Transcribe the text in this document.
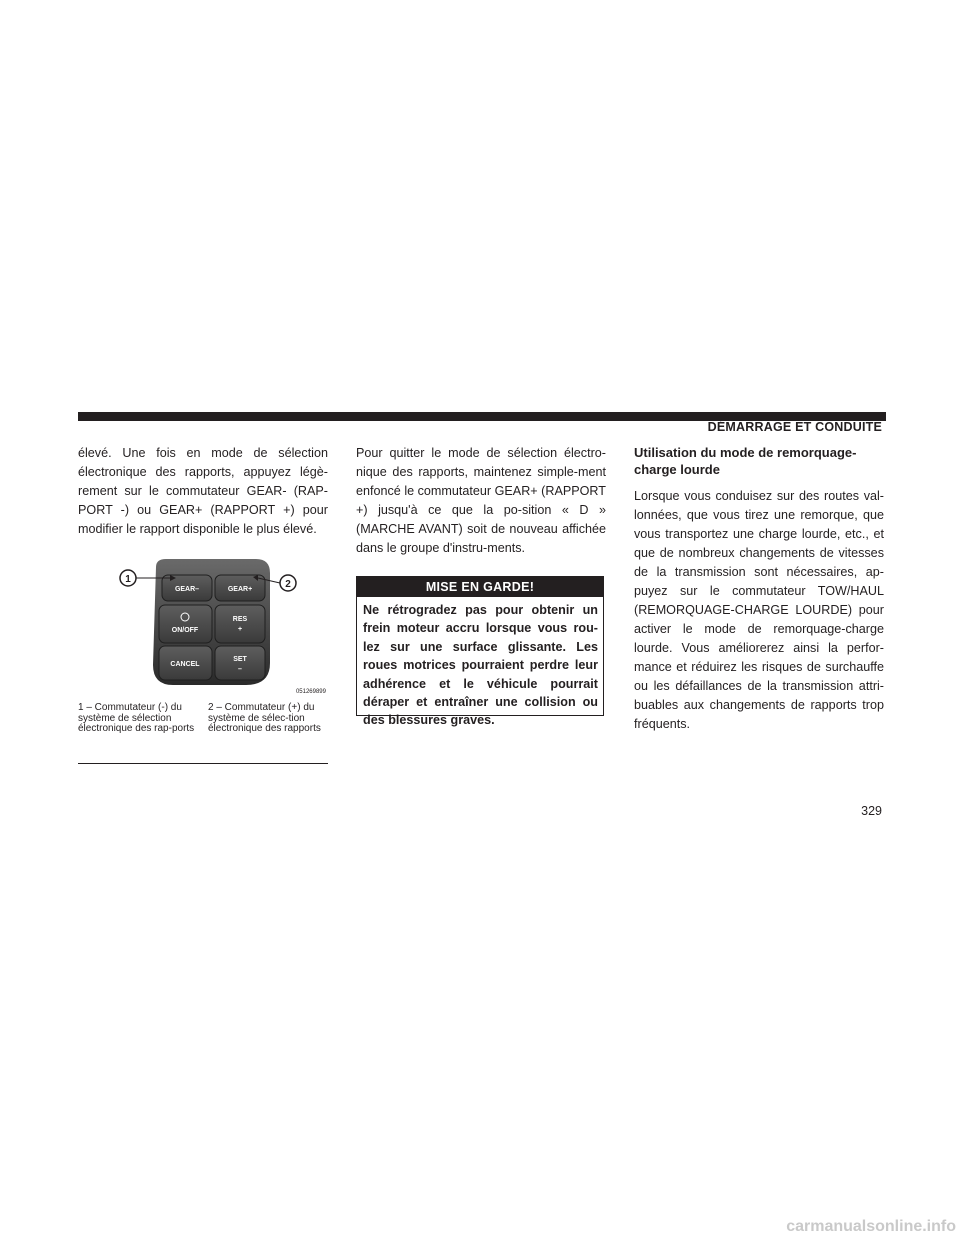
DÉMARRAGE ET CONDUITE

élevé. Une fois en mode de sélection électronique des rapports, appuyez légè-rement sur le commutateur GEAR- (RAP-PORT -) ou GEAR+ (RAPPORT +) pour modifier le rapport disponible le plus élevé.

GEAR–	GEAR+
ON/OFF
RES
+
CANCEL
SET
–
1	2
051269899
1 – Commutateur (-) du système de sélection électronique des rap-ports
2 – Commutateur (+) du système de sélec-tion électronique des rapports

Pour quitter le mode de sélection électro-nique des rapports, maintenez simple-ment enfoncé le commutateur GEAR+ (RAPPORT +) jusqu'à ce que la po-sition « D » (MARCHE AVANT) soit de nouveau affichée dans le groupe d'instru-ments.

MISE EN GARDE!
Ne rétrogradez pas pour obtenir un frein moteur accru lorsque vous rou-lez sur une surface glissante. Les roues motrices pourraient perdre leur adhérence et le véhicule pourrait déraper et entraîner une collision ou des blessures graves.
Utilisation du mode de remorquage-charge lourde

Lorsque vous conduisez sur des routes val-lonnées, que vous tirez une remorque, que vous transportez une charge lourde, etc., et que de nombreux changements de vitesses de la transmission sont nécessaires, ap-puyez sur le commutateur TOW/HAUL (REMORQUAGE-CHARGE LOURDE) pour activer le mode de remorquage-charge lourde. Vous améliorerez ainsi la perfor-mance et réduirez les risques de surchauffe ou les défaillances de la transmission attri-buables aux changements de rapports trop fréquents.

329
carmanualsonline.info
